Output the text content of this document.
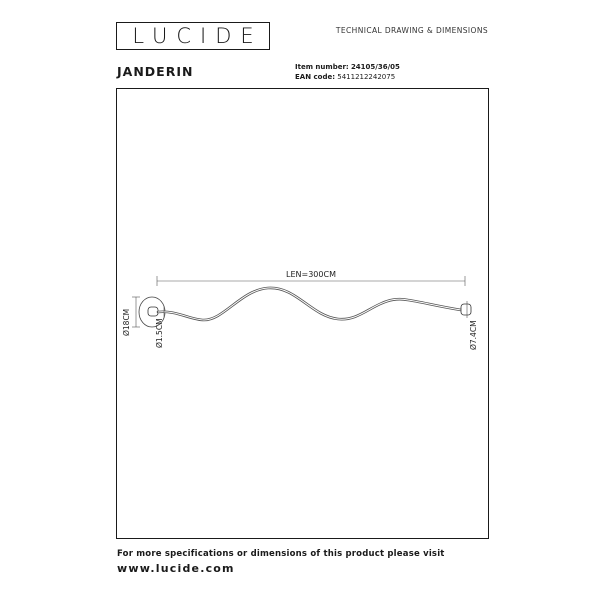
LUCIDE	TECHNICAL DRAWING & DIMENSIONS
JANDERIN	Item number: 24105/36/05
EAN code: 5411212242075
LEN=300CM
Ø18CM	Ø1.5CM	Ø7.4CM
For more specifications or dimensions of this product please visit
www.lucide.com
